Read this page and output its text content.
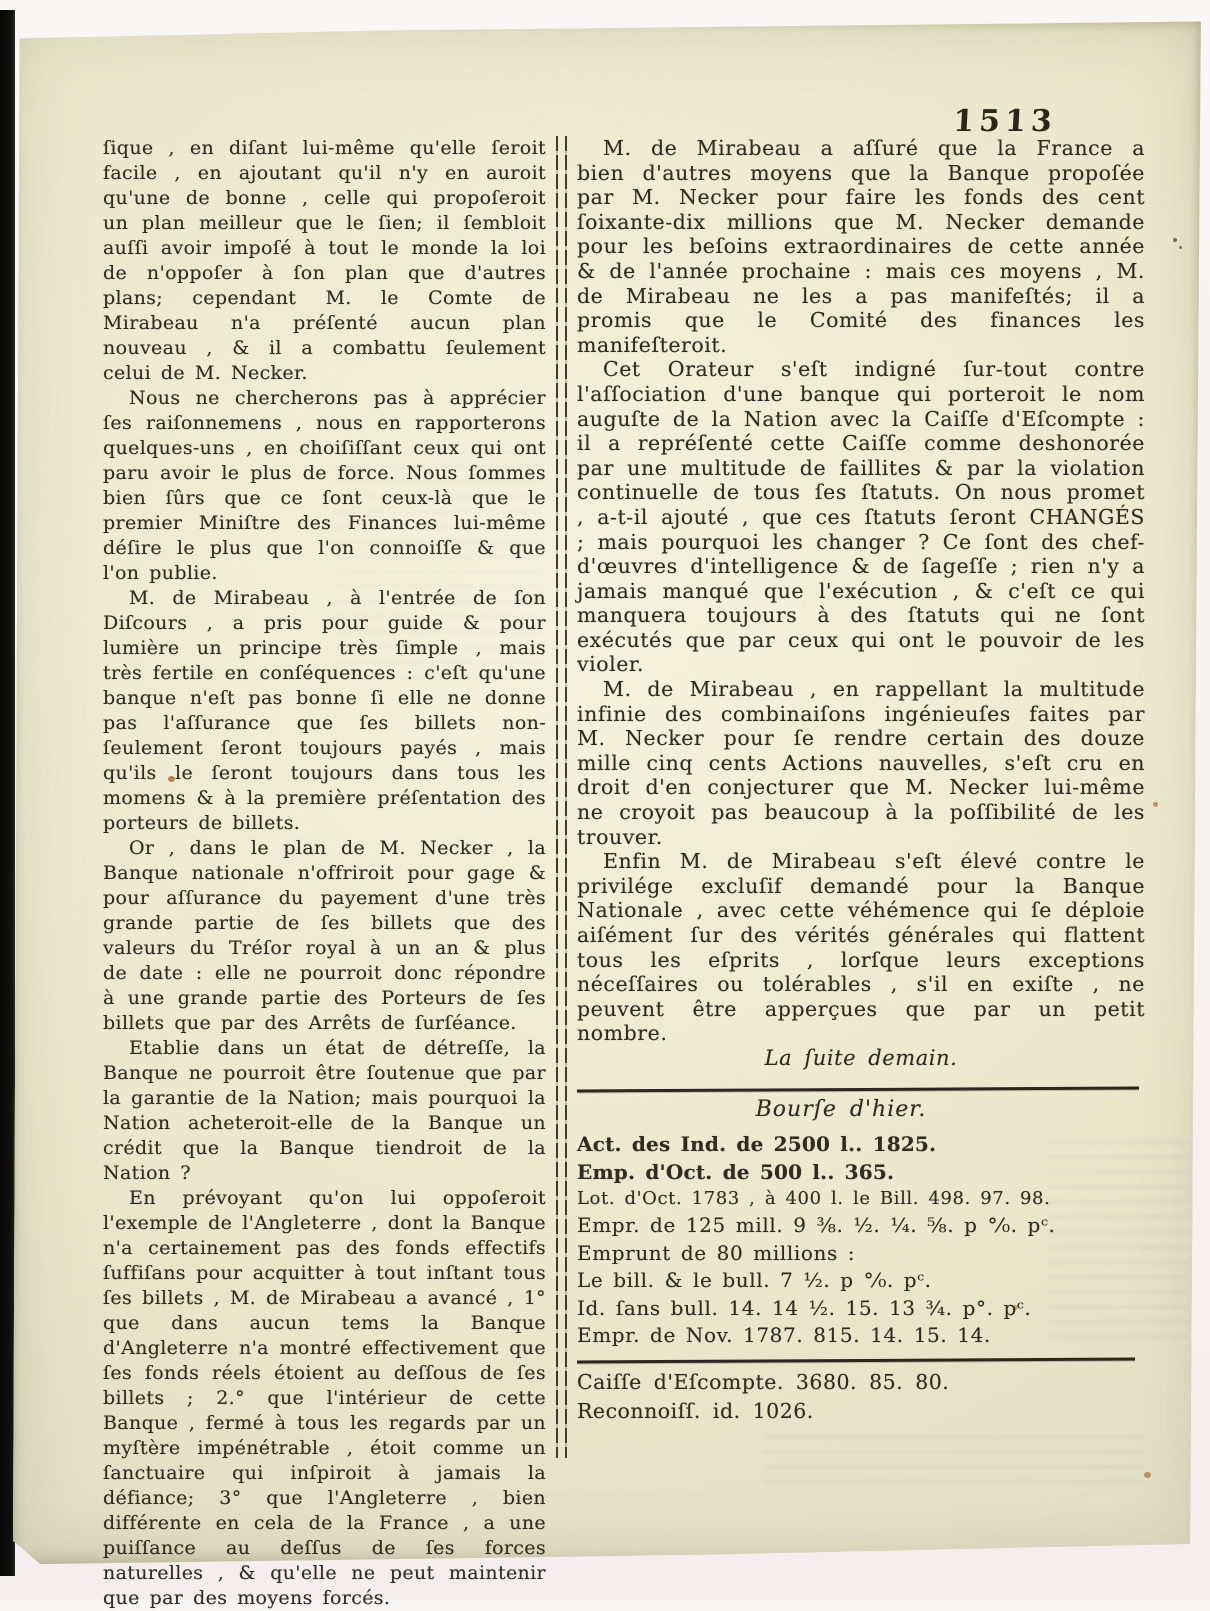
1513

ſique , en diſant lui-même qu'elle ſeroit facile , en ajoutant qu'il n'y en auroit qu'une de bonne , celle qui propoſeroit un plan meilleur que le ſien; il ſembloit auſſi avoir impoſé à tout le monde la loi de n'oppoſer à ſon plan que d'autres plans; cependant M. le Comte de Mirabeau n'a préſenté aucun plan nouveau , & il a combattu ſeulement celui de M. Necker.

Nous ne chercherons pas à apprécier ſes raiſonnemens , nous en rapporterons quelques-uns , en choiſiſſant ceux qui ont paru avoir le plus de force. Nous ſommes bien ſûrs que ce ſont ceux-là que le premier Miniſtre des Finances lui-même déſire le plus que l'on connoiſſe & que l'on publie.

M. de Mirabeau , à l'entrée de ſon Diſcours , a pris pour guide & pour lumière un principe très ſimple , mais très fertile en conſéquences : c'eſt qu'une banque n'eſt pas bonne ſi elle ne donne pas l'aſſurance que ſes billets non-ſeulement ſeront toujours payés , mais qu'ils le ſeront toujours dans tous les momens & à la première préſentation des porteurs de billets.

Or , dans le plan de M. Necker , la Banque nationale n'offriroit pour gage & pour aſſurance du payement d'une très grande partie de ſes billets que des valeurs du Tréſor royal à un an & plus de date : elle ne pourroit donc répondre à une grande partie des Porteurs de ſes billets que par des Arrêts de ſurſéance.

Etablie dans un état de détreſſe, la Banque ne pourroit être ſoutenue que par la garantie de la Nation; mais pourquoi la Nation acheteroit-elle de la Banque un crédit que la Banque tiendroit de la Nation ?

En prévoyant qu'on lui oppoſeroit l'exemple de l'Angleterre , dont la Banque n'a certainement pas des fonds effectifs ſuffiſans pour acquitter à tout inſtant tous ſes billets , M. de Mirabeau a avancé , 1° que dans aucun tems la Banque d'Angleterre n'a montré effectivement que ſes fonds réels étoient au deſſous de ſes billets ; 2.° que l'intérieur de cette Banque , fermé à tous les regards par un myſtère impénétrable , étoit comme un ſanctuaire qui inſpiroit à jamais la défiance; 3° que l'Angleterre , bien différente en cela de la France , a une puiſſance au deſſus de ſes forces naturelles , & qu'elle ne peut maintenir que par des moyens forcés.

M. de Mirabeau a aſſuré que la France a bien d'autres moyens que la Banque propoſée par M. Necker pour faire les fonds des cent ſoixante-dix millions que M. Necker demande pour les beſoins extraordinaires de cette année & de l'année prochaine : mais ces moyens , M. de Mirabeau ne les a pas manifeſtés; il a promis que le Comité des finances les manifeſteroit.

Cet Orateur s'eſt indigné ſur-tout contre l'aſſociation d'une banque qui porteroit le nom auguſte de la Nation avec la Caiſſe d'Eſcompte : il a repréſenté cette Caiſſe comme deshonorée par une multitude de faillites & par la violation continuelle de tous ſes ſtatuts. On nous promet , a-t-il ajouté , que ces ſtatuts ſeront CHANGÉS ; mais pourquoi les changer ? Ce ſont des chef-d'œuvres d'intelligence & de ſageſſe ; rien n'y a jamais manqué que l'exécution , & c'eſt ce qui manquera toujours à des ſtatuts qui ne ſont exécutés que par ceux qui ont le pouvoir de les violer.

M. de Mirabeau , en rappellant la multitude infinie des combinaiſons ingénieuſes faites par M. Necker pour ſe rendre certain des douze mille cinq cents Actions nauvelles, s'eſt cru en droit d'en conjecturer que M. Necker lui-même ne croyoit pas beaucoup à la poſſibilité de les trouver.

Enfin M. de Mirabeau s'eſt élevé contre le privilége excluſif demandé pour la Banque Nationale , avec cette véhémence qui ſe déploie aiſément ſur des vérités générales qui flattent tous les eſprits , lorſque leurs exceptions néceſſaires ou tolérables , s'il en exiſte , ne peuvent être apperçues que par un petit nombre.

La ſuite demain.

Bourſe d'hier.
Act. des Ind. de 2500 l.. 1825.
Emp. d'Oct. de 500 l.. 365.
Lot. d'Oct. 1783 , à 400 l. le Bill. 498. 97. 98.
Empr. de 125 mill. 9 ⅜. ½. ¼. ⅝. p °⁄₀. pᶜ.
Emprunt de 80 millions :
Le bill. & le bull. 7 ½. p °⁄₀. pᶜ.
Id. ſans bull. 14. 14 ½. 15. 13 ¾. p°. pᶜ.
Empr. de Nov. 1787. 815. 14. 15. 14.
Caiſſe d'Eſcompte. 3680. 85. 80.
Reconnoiſſ. id. 1026.
